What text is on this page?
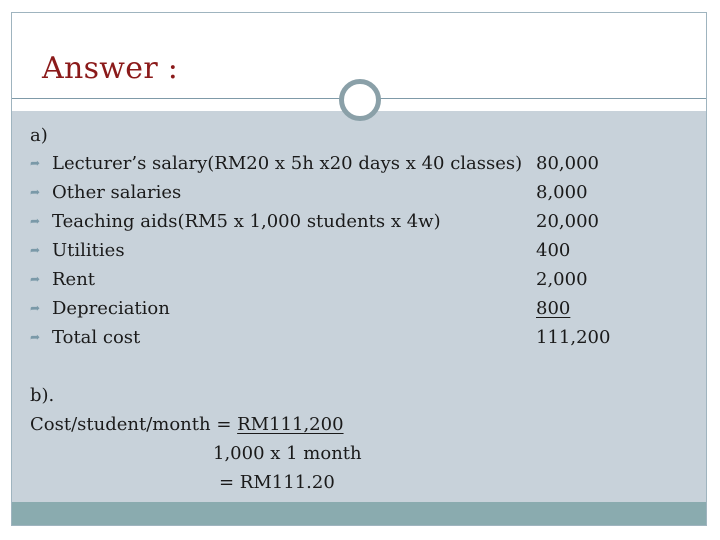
Answer :
a)
➦ Lecturer’s salary(RM20 x 5h x20 days x 40 classes)
➦ Other salaries
➦ Teaching aids(RM5 x 1,000 students x 4w)
➦ Utilities
➦ Rent
➦ Depreciation
➦ Total cost
80,000
8,000
20,000
400
2,000
800
111,200
b).
Cost/student/month = RM111,200
1,000 x 1 month
= RM111.20
